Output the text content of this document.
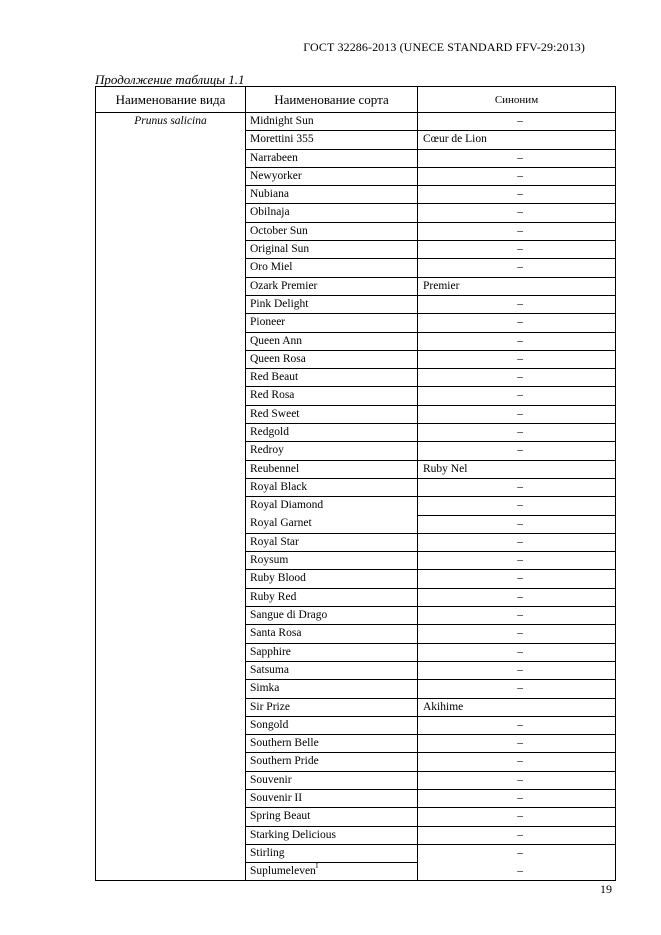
ГОСТ 32286-2013 (UNECE STANDARD FFV-29:2013)
Продолжение таблицы 1.1
Наименование вида	Наименование сорта	Синоним
Prunus salicina	Midnight Sun	–
	Morettini 355	Cœur de Lion
	Narrabeen	–
	Newyorker	–
	Nubiana	–
	Obilnaja	–
	October Sun	–
	Original Sun	–
	Oro Miel	–
	Ozark Premier	Premier
	Pink Delight	–
	Pioneer	–
	Queen Ann	–
	Queen Rosa	–
	Red Beaut	–
	Red Rosa	–
	Red Sweet	–
	Redgold	–
	Redroy	–
	Reubennel	Ruby Nel
	Royal Black	–
	Royal Diamond	–
	Royal Garnet	–
	Royal Star	–
	Roysum	–
	Ruby Blood	–
	Ruby Red	–
	Sangue di Drago	–
	Santa Rosa	–
	Sapphire	–
	Satsuma	–
	Simka	–
	Sir Prize	Akihime
	Songold	–
	Southern Belle	–
	Southern Pride	–
	Souvenir	–
	Souvenir II	–
	Spring Beaut	–
	Starking Delicious	–
	Stirling	–
	Suplumeleven$^I$	–
19
